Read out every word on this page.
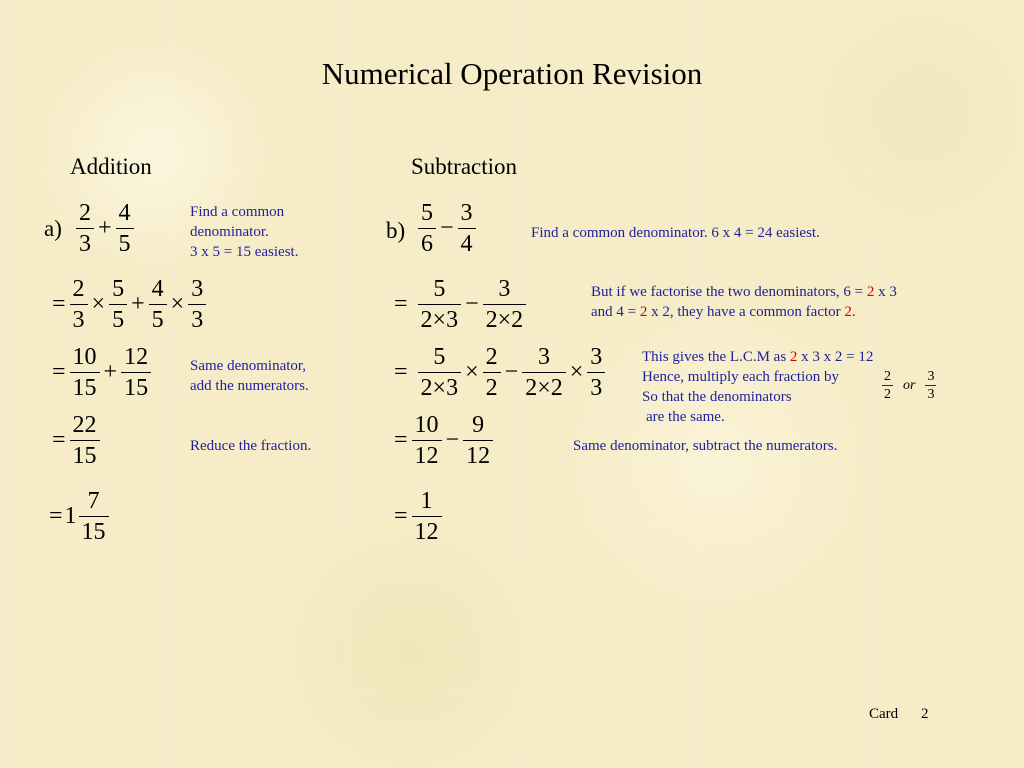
Numerical Operation Revision
Addition	Subtraction
$a) \frac{2}{3} + \frac{4}{5}$
= $\frac{2}{3} \times \frac{5}{5} + \frac{4}{5} \times \frac{3}{3}$
= $\frac{10}{15} + \frac{12}{15}$
= $\frac{22}{15}$
= $1 \frac{7}{15}$
Find a common
denominator.
3 x 5 = 15 easiest.
Same denominator,
add the numerators.
Reduce the fraction.
$b) \frac{5}{6} - \frac{3}{4}$
= $\frac{5}{2\times 3} - \frac{3}{2\times 2}$
= $\frac{5}{2\times 3} \times \frac{2}{2} - \frac{3}{2\times 2} \times \frac{3}{3}$
= $\frac{10}{12} - \frac{9}{12}$
= $\frac{1}{12}$
Find a common denominator. 6 x 4 = 24 easiest.
But if we factorise the two denominators, 6 = 2 x 3
and 4 = 2 x 2, they have a common factor 2.
This gives the L.C.M as 2 x 3 x 2 = 12
Hence, multiply each fraction by
So that the denominators
are the same.
$\frac{2}{2}$ or $\frac{3}{3}$
Same denominator, subtract the numerators.
Card 2
